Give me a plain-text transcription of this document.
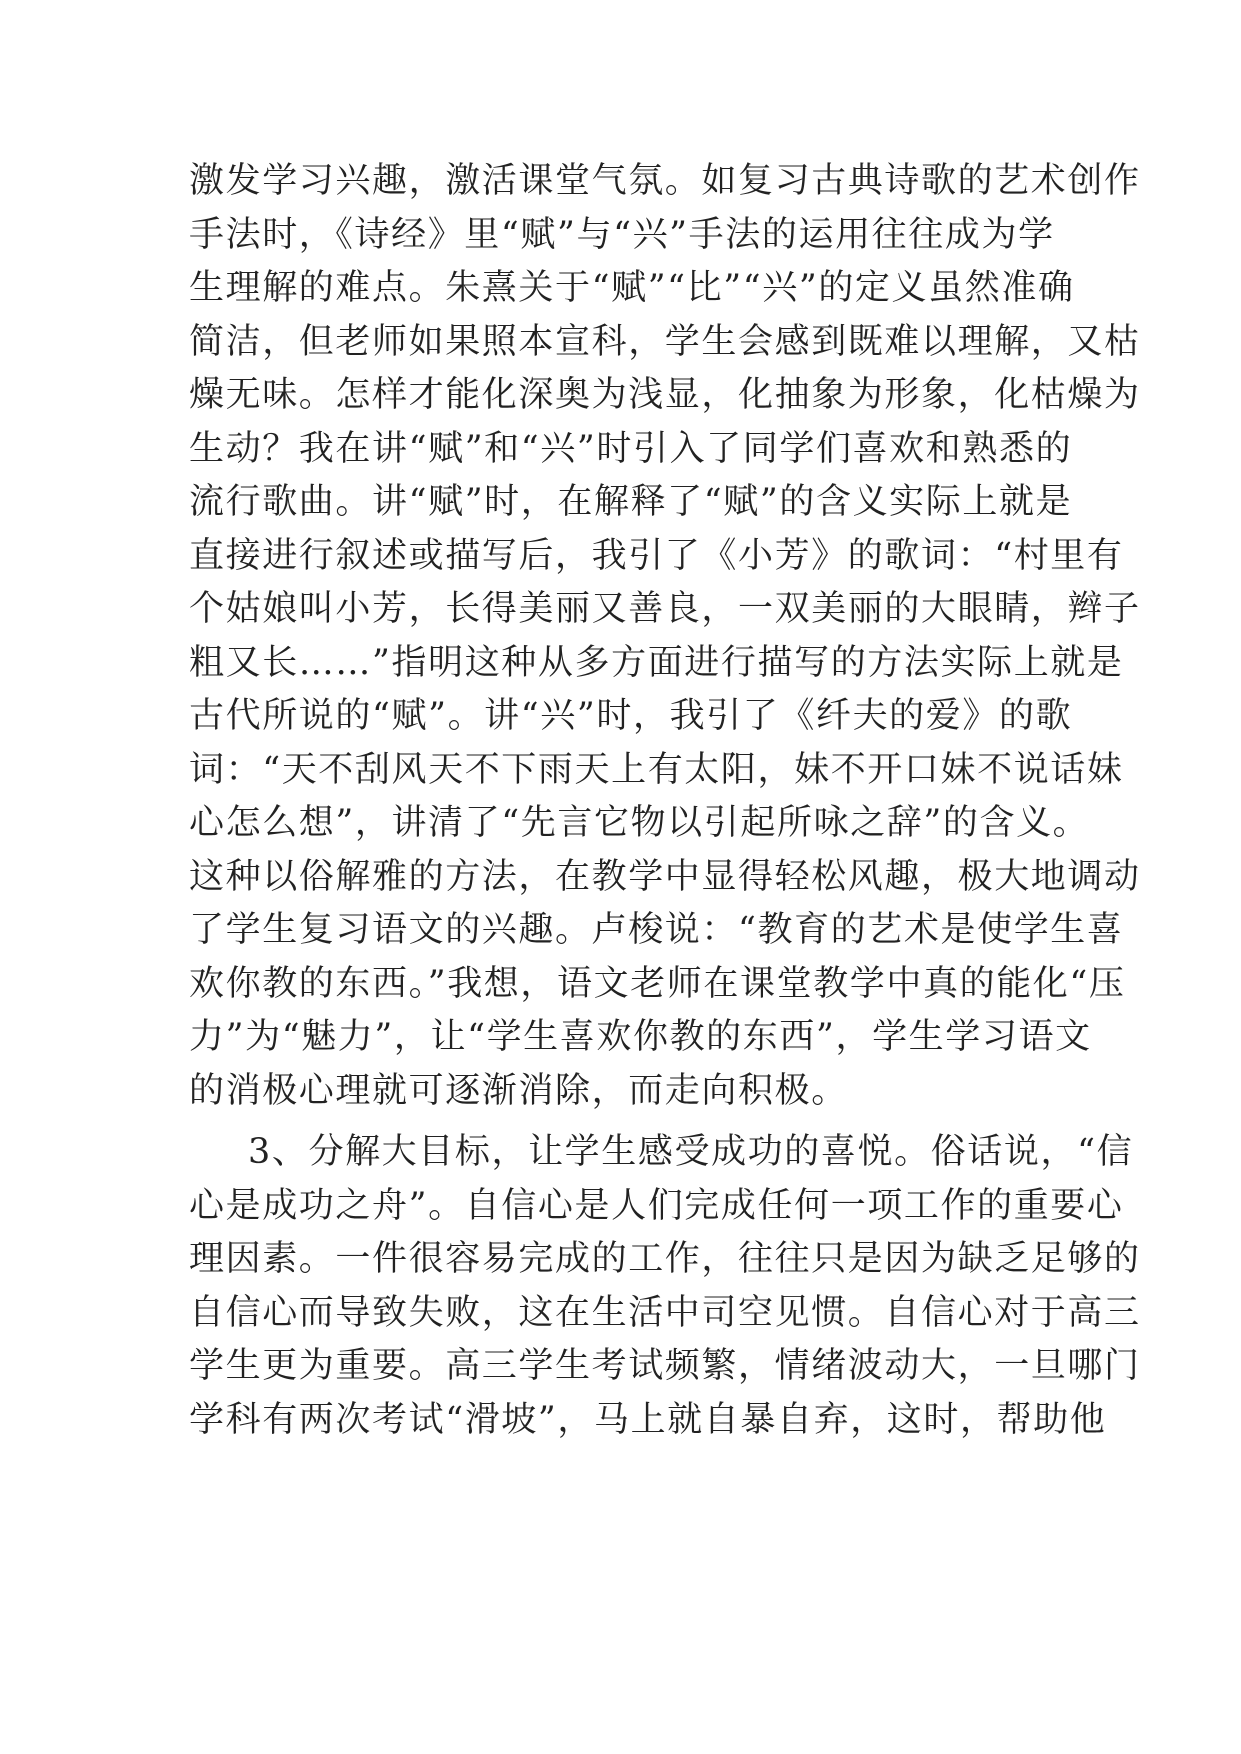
激发学习兴趣，激活课堂气氛。如复习古典诗歌的艺术创作
手法时，《诗经》里“赋”与“兴”手法的运用往往成为学
生理解的难点。朱熹关于“赋”“比”“兴”的定义虽然准确
简洁，但老师如果照本宣科，学生会感到既难以理解，又枯
燥无味。怎样才能化深奥为浅显，化抽象为形象，化枯燥为
生动？我在讲“赋”和“兴”时引入了同学们喜欢和熟悉的
流行歌曲。讲“赋”时，在解释了“赋”的含义实际上就是
直接进行叙述或描写后，我引了《小芳》的歌词：“村里有
个姑娘叫小芳，长得美丽又善良，一双美丽的大眼睛，辫子
粗又长……”指明这种从多方面进行描写的方法实际上就是
古代所说的“赋”。讲“兴”时，我引了《纤夫的爱》的歌
词：“天不刮风天不下雨天上有太阳，妹不开口妹不说话妹
心怎么想”，讲清了“先言它物以引起所咏之辞”的含义。
这种以俗解雅的方法，在教学中显得轻松风趣，极大地调动
了学生复习语文的兴趣。卢梭说：“教育的艺术是使学生喜
欢你教的东西。”我想，语文老师在课堂教学中真的能化“压
力”为“魅力”，让“学生喜欢你教的东西”，学生学习语文
的消极心理就可逐渐消除，而走向积极。
3、分解大目标，让学生感受成功的喜悦。俗话说，“信
心是成功之舟”。自信心是人们完成任何一项工作的重要心
理因素。一件很容易完成的工作，往往只是因为缺乏足够的
自信心而导致失败，这在生活中司空见惯。自信心对于高三
学生更为重要。高三学生考试频繁，情绪波动大，一旦哪门
学科有两次考试“滑坡”，马上就自暴自弃，这时，帮助他
